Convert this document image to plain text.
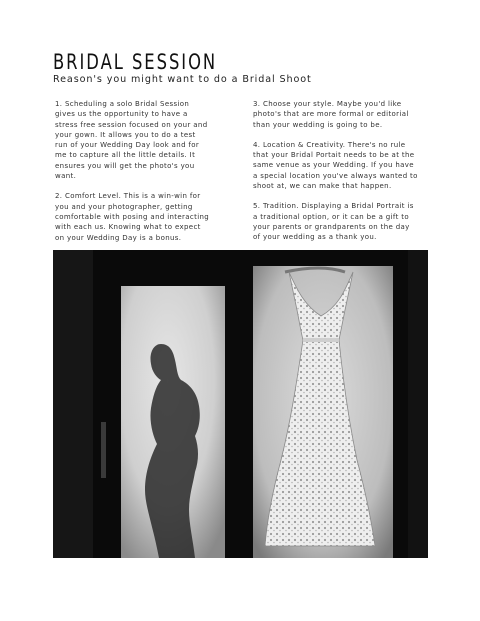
BRIDAL SESSION
Reason's you might want to do a Bridal Shoot

1. Scheduling a solo Bridal Session
gives us the opportunity to have a
stress free session focused on your and
your gown. It allows you to do a test
run of your Wedding Day look and for
me to capture all the little details. It
ensures you will get the photo's you
want.

2. Comfort Level. This is a win-win for
you and your photographer, getting
comfortable with posing and interacting
with each us. Knowing what to expect
on your Wedding Day is a bonus.

3. Choose your style. Maybe you'd like
photo's that are more formal or editorial
than your wedding is going to be.

4. Location & Creativity. There's no rule
that your Bridal Portait needs to be at the
same venue as your Wedding. If you have
a special location you've always wanted to
shoot at, we can make that happen.

5. Tradition. Displaying a Bridal Portrait is
a traditional option, or it can be a gift to
your parents or grandparents on the day
of your wedding as a thank you.
